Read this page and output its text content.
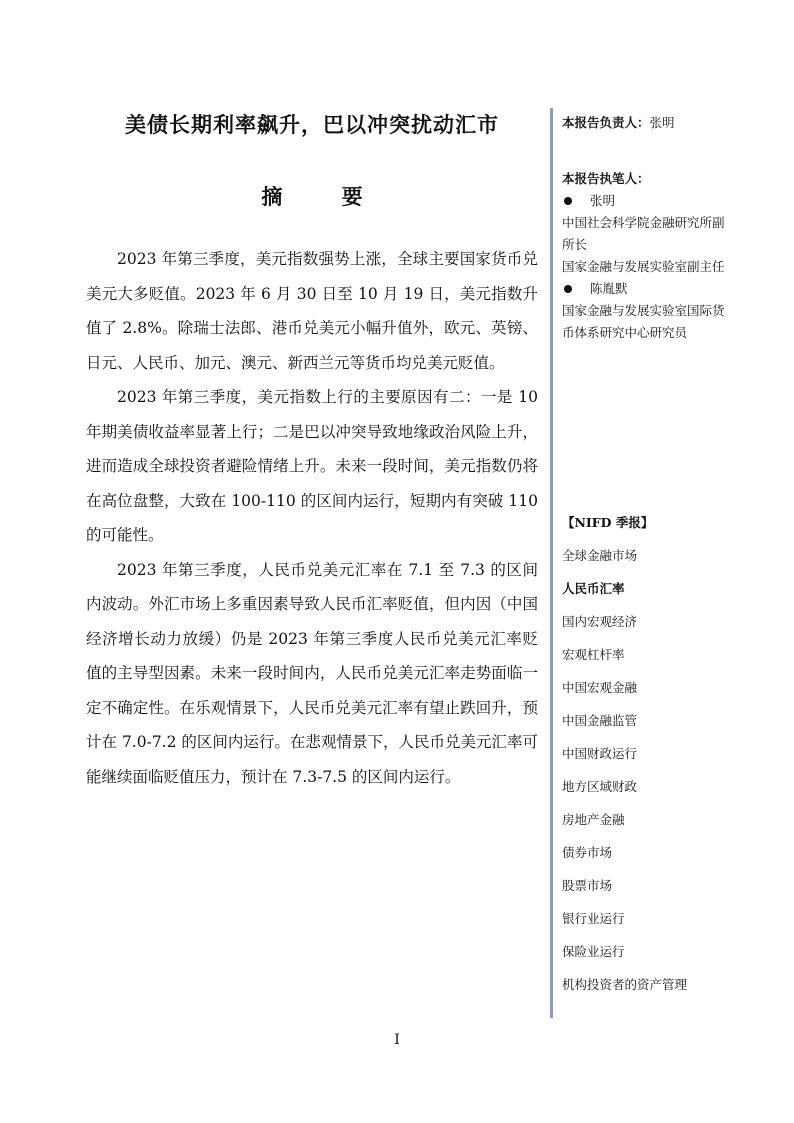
美债长期利率飙升，巴以冲突扰动汇市
摘 要

2023 年第三季度，美元指数强势上涨，全球主要国家货币兑美元大多贬值。2023 年 6 月 30 日至 10 月 19 日，美元指数升值了 2.8%。除瑞士法郎、港币兑美元小幅升值外，欧元、英镑、日元、人民币、加元、澳元、新西兰元等货币均兑美元贬值。

2023 年第三季度，美元指数上行的主要原因有二：一是 10 年期美债收益率显著上行；二是巴以冲突导致地缘政治风险上升，进而造成全球投资者避险情绪上升。未来一段时间，美元指数仍将在高位盘整，大致在 100-110 的区间内运行，短期内有突破 110 的可能性。

2023 年第三季度，人民币兑美元汇率在 7.1 至 7.3 的区间内波动。外汇市场上多重因素导致人民币汇率贬值，但内因（中国经济增长动力放缓）仍是 2023 年第三季度人民币兑美元汇率贬值的主导型因素。未来一段时间内，人民币兑美元汇率走势面临一定不确定性。在乐观情景下，人民币兑美元汇率有望止跌回升，预计在 7.0-7.2 的区间内运行。在悲观情景下，人民币兑美元汇率可能继续面临贬值压力，预计在 7.3-7.5 的区间内运行。

本报告负责人：张明
本报告执笔人：
张明

中国社会科学院金融研究所副所长

国家金融与发展实验室副主任

陈胤默

国家金融与发展实验室国际货币体系研究中心研究员

【NIFD 季报】
全球金融市场
人民币汇率
国内宏观经济
宏观杠杆率
中国宏观金融
中国金融监管
中国财政运行
地方区域财政
房地产金融
债券市场
股票市场
银行业运行
保险业运行
机构投资者的资产管理
I
